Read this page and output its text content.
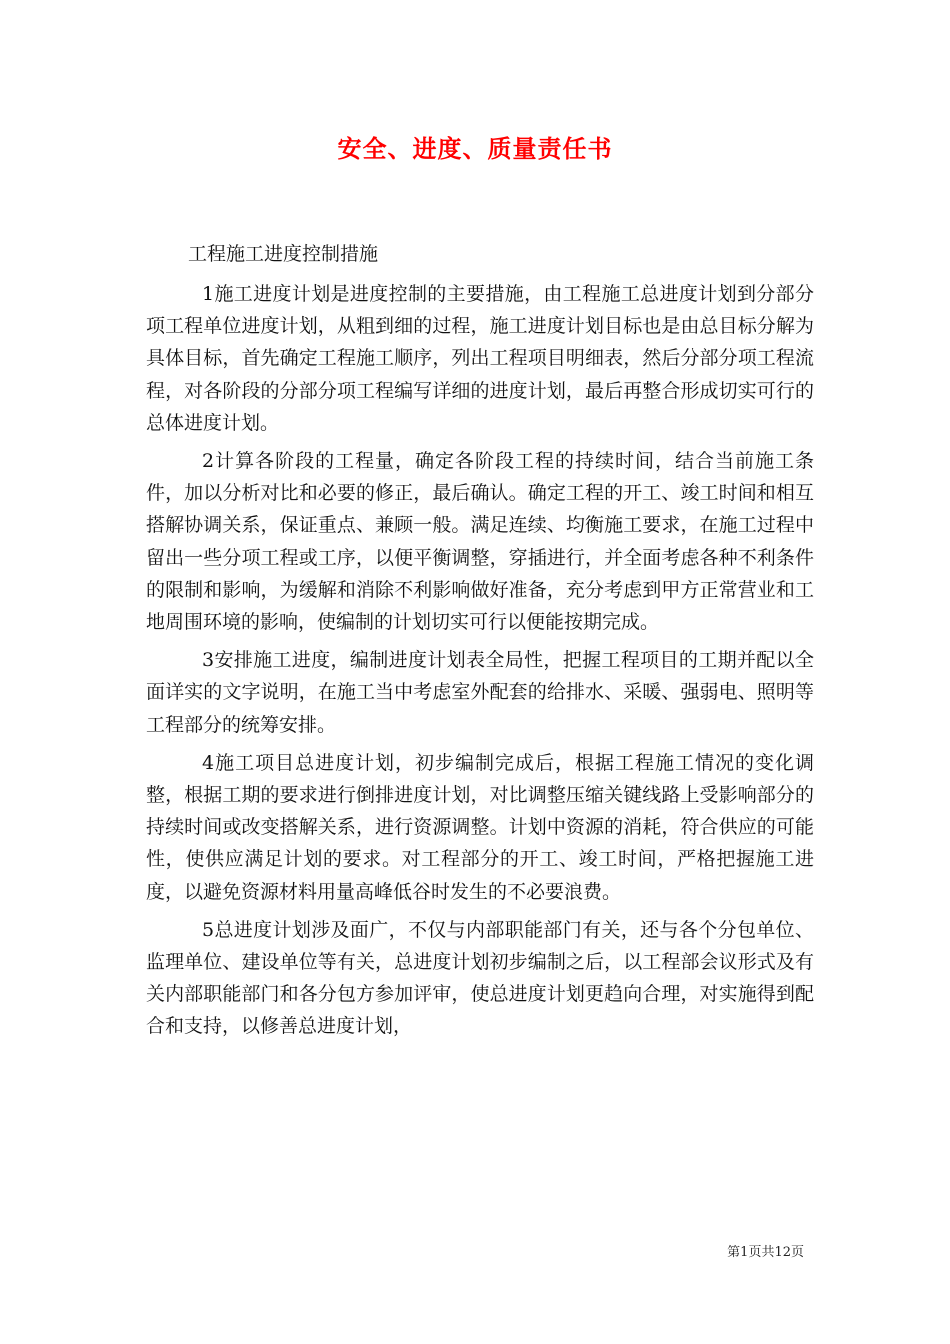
安全、进度、质量责任书

工程施工进度控制措施

1施工进度计划是进度控制的主要措施，由工程施工总进度计划到分部分项工程单位进度计划，从粗到细的过程，施工进度计划目标也是由总目标分解为具体目标，首先确定工程施工顺序，列出工程项目明细表，然后分部分项工程流程，对各阶段的分部分项工程编写详细的进度计划，最后再整合形成切实可行的总体进度计划。

2计算各阶段的工程量，确定各阶段工程的持续时间，结合当前施工条件，加以分析对比和必要的修正，最后确认。确定工程的开工、竣工时间和相互搭解协调关系，保证重点、兼顾一般。满足连续、均衡施工要求，在施工过程中留出一些分项工程或工序，以便平衡调整，穿插进行，并全面考虑各种不利条件的限制和影响，为缓解和消除不利影响做好准备，充分考虑到甲方正常营业和工地周围环境的影响，使编制的计划切实可行以便能按期完成。

3安排施工进度，编制进度计划表全局性，把握工程项目的工期并配以全面详实的文字说明，在施工当中考虑室外配套的给排水、采暖、强弱电、照明等工程部分的统筹安排。

4施工项目总进度计划，初步编制完成后，根据工程施工情况的变化调整，根据工期的要求进行倒排进度计划，对比调整压缩关键线路上受影响部分的持续时间或改变搭解关系，进行资源调整。计划中资源的消耗，符合供应的可能性，使供应满足计划的要求。对工程部分的开工、竣工时间，严格把握施工进度，以避免资源材料用量高峰低谷时发生的不必要浪费。

5总进度计划涉及面广，不仅与内部职能部门有关，还与各个分包单位、监理单位、建设单位等有关，总进度计划初步编制之后，以工程部会议形式及有关内部职能部门和各分包方参加评审，使总进度计划更趋向合理，对实施得到配合和支持，以修善总进度计划，

第1页共12页
